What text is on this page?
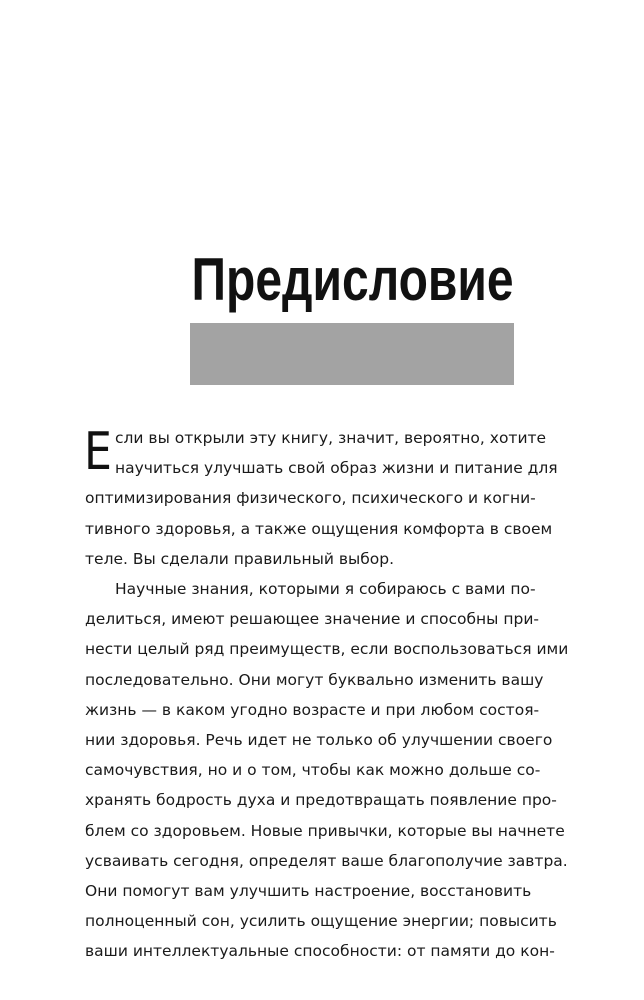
Предисловие
Е сли вы открыли эту книгу, значит, вероятно, хотите
научиться улучшать свой образ жизни и питание для
оптимизирования физического, психического и когни-
тивного здоровья, а также ощущения комфорта в своем
теле. Вы сделали правильный выбор.
Научные знания, которыми я собираюсь с вами по-
делиться, имеют решающее значение и способны при-
нести целый ряд преимуществ, если воспользоваться ими
последовательно. Они могут буквально изменить вашу
жизнь — в каком угодно возрасте и при любом состоя-
нии здоровья. Речь идет не только об улучшении своего
самочувствия, но и о том, чтобы как можно дольше со-
хранять бодрость духа и предотвращать появление про-
блем со здоровьем. Новые привычки, которые вы начнете
усваивать сегодня, определят ваше благополучие завтра.
Они помогут вам улучшить настроение, восстановить
полноценный сон, усилить ощущение энергии; повысить
ваши интеллектуальные способности: от памяти до кон-
